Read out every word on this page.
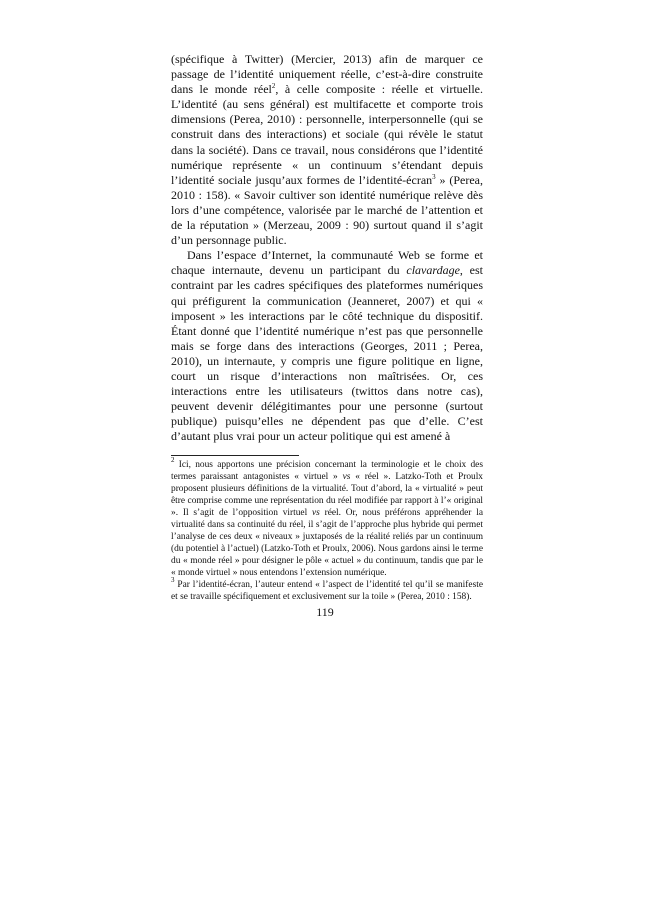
(spécifique à Twitter) (Mercier, 2013) afin de marquer ce passage de l’identité uniquement réelle, c’est-à-dire construite dans le monde réel$^2$, à celle composite : réelle et virtuelle. L’identité (au sens général) est multifacette et comporte trois dimensions (Perea, 2010) : personnelle, interpersonnelle (qui se construit dans des interactions) et sociale (qui révèle le statut dans la société). Dans ce travail, nous considérons que l’identité numérique représente « un continuum s’étendant depuis l’identité sociale jusqu’aux formes de l’identité-écran$^3$ » (Perea, 2010 : 158). « Savoir cultiver son identité numérique relève dès lors d’une compétence, valorisée par le marché de l’attention et de la réputation » (Merzeau, 2009 : 90) surtout quand il s’agit d’un personnage public.

Dans l’espace d’Internet, la communauté Web se forme et chaque internaute, devenu un participant du clavardage, est contraint par les cadres spécifiques des plateformes numériques qui préfigurent la communication (Jeanneret, 2007) et qui « imposent » les interactions par le côté technique du dispositif. Étant donné que l’identité numérique n’est pas que personnelle mais se forge dans des interactions (Georges, 2011 ; Perea, 2010), un internaute, y compris une figure politique en ligne, court un risque d’interactions non maîtrisées. Or, ces interactions entre les utilisateurs (twittos dans notre cas), peuvent devenir délégitimantes pour une personne (surtout publique) puisqu’elles ne dépendent pas que d’elle. C’est d’autant plus vrai pour un acteur politique qui est amené à

$^2$ Ici, nous apportons une précision concernant la terminologie et le choix des termes paraissant antagonistes « virtuel » vs « réel ». Latzko-Toth et Proulx proposent plusieurs définitions de la virtualité. Tout d’abord, la « virtualité » peut être comprise comme une représentation du réel modifiée par rapport à l’« original ». Il s’agit de l’opposition virtuel vs réel. Or, nous préférons appréhender la virtualité dans sa continuité du réel, il s’agit de l’approche plus hybride qui permet l’analyse de ces deux « niveaux » juxtaposés de la réalité reliés par un continuum (du potentiel à l’actuel) (Latzko-Toth et Proulx, 2006). Nous gardons ainsi le terme du « monde réel » pour désigner le pôle « actuel » du continuum, tandis que par le « monde virtuel » nous entendons l’extension numérique.

$^3$ Par l’identité-écran, l’auteur entend « l’aspect de l’identité tel qu’il se manifeste et se travaille spécifiquement et exclusivement sur la toile » (Perea, 2010 : 158).

119
